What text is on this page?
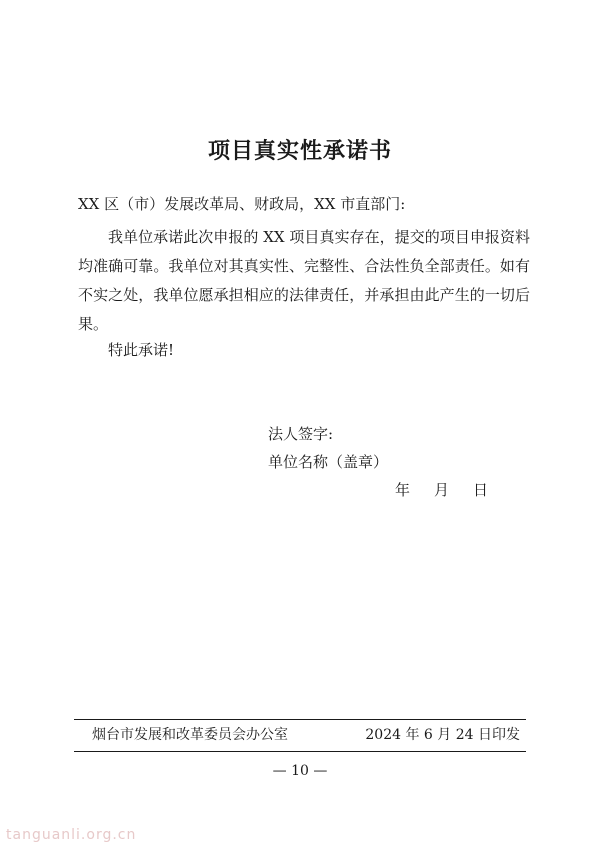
项目真实性承诺书
XX 区（市）发展改革局、财政局，XX 市直部门:
我单位承诺此次申报的 XX 项目真实存在，提交的项目申报资料均准确可靠。我单位对其真实性、完整性、合法性负全部责任。如有不实之处，我单位愿承担相应的法律责任，并承担由此产生的一切后果。
特此承诺!
法人签字:
单位名称（盖章）
年 月 日
烟台市发展和改革委员会办公室	2024 年 6 月 24 日印发
— 10 —
tanguanli.org.cn
